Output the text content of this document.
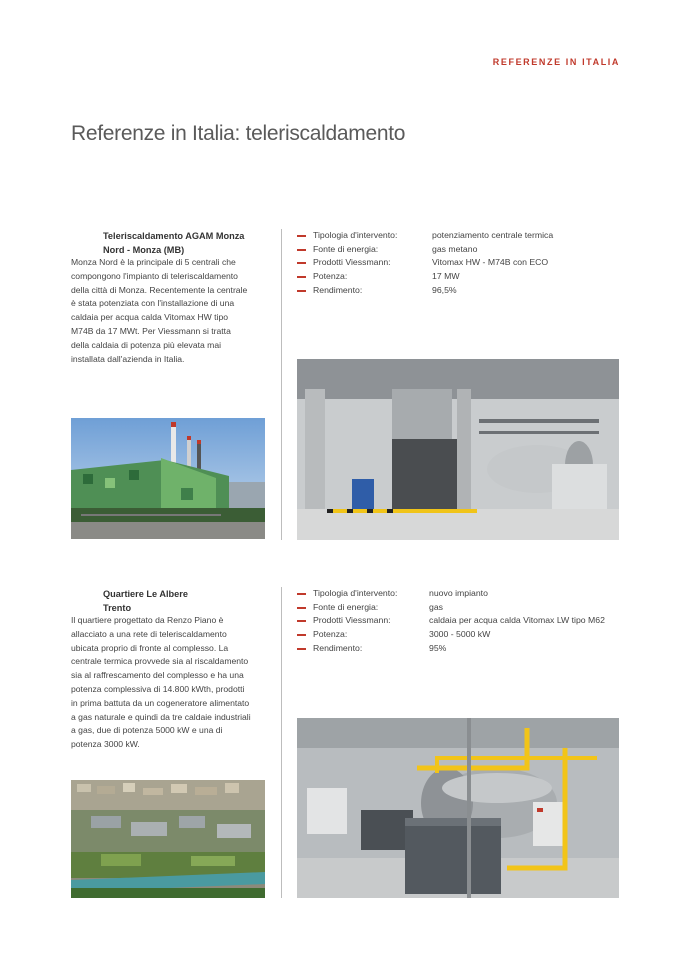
REFERENZE IN ITALIA
Referenze in Italia: teleriscaldamento
Teleriscaldamento AGAM Monza
Nord - Monza (MB)
Monza Nord è la principale di 5 centrali che
compongono l'impianto di teleriscaldamento
della città di Monza. Recentemente la centrale
è stata potenziata con l'installazione di una
caldaia per acqua calda Vitomax HW tipo
M74B da 17 MWt. Per Viessmann si tratta
della caldaia di potenza più elevata mai
installata dall'azienda in Italia.
Tipologia d'intervento:	potenziamento centrale termica
Fonte di energia:	gas metano
Prodotti Viessmann:	Vitomax HW - M74B con ECO
Potenza:	17 MW
Rendimento:	96,5%
Quartiere Le Albere
Trento
Il quartiere progettato da Renzo Piano è
allacciato a una rete di teleriscaldamento
ubicata proprio di fronte al complesso. La
centrale termica provvede sia al riscaldamento
sia al raffrescamento del complesso e ha una
potenza complessiva di 14.800 kWth, prodotti
in prima battuta da un cogeneratore alimentato
a gas naturale e quindi da tre caldaie industriali
a gas, due di potenza 5000 kW e una di
potenza 3000 kW.
Tipologia d'intervento:	nuovo impianto
Fonte di energia:	gas
Prodotti Viessmann:	caldaia per acqua calda Vitomax LW tipo M62
Potenza:	3000 - 5000 kW
Rendimento:	95%
